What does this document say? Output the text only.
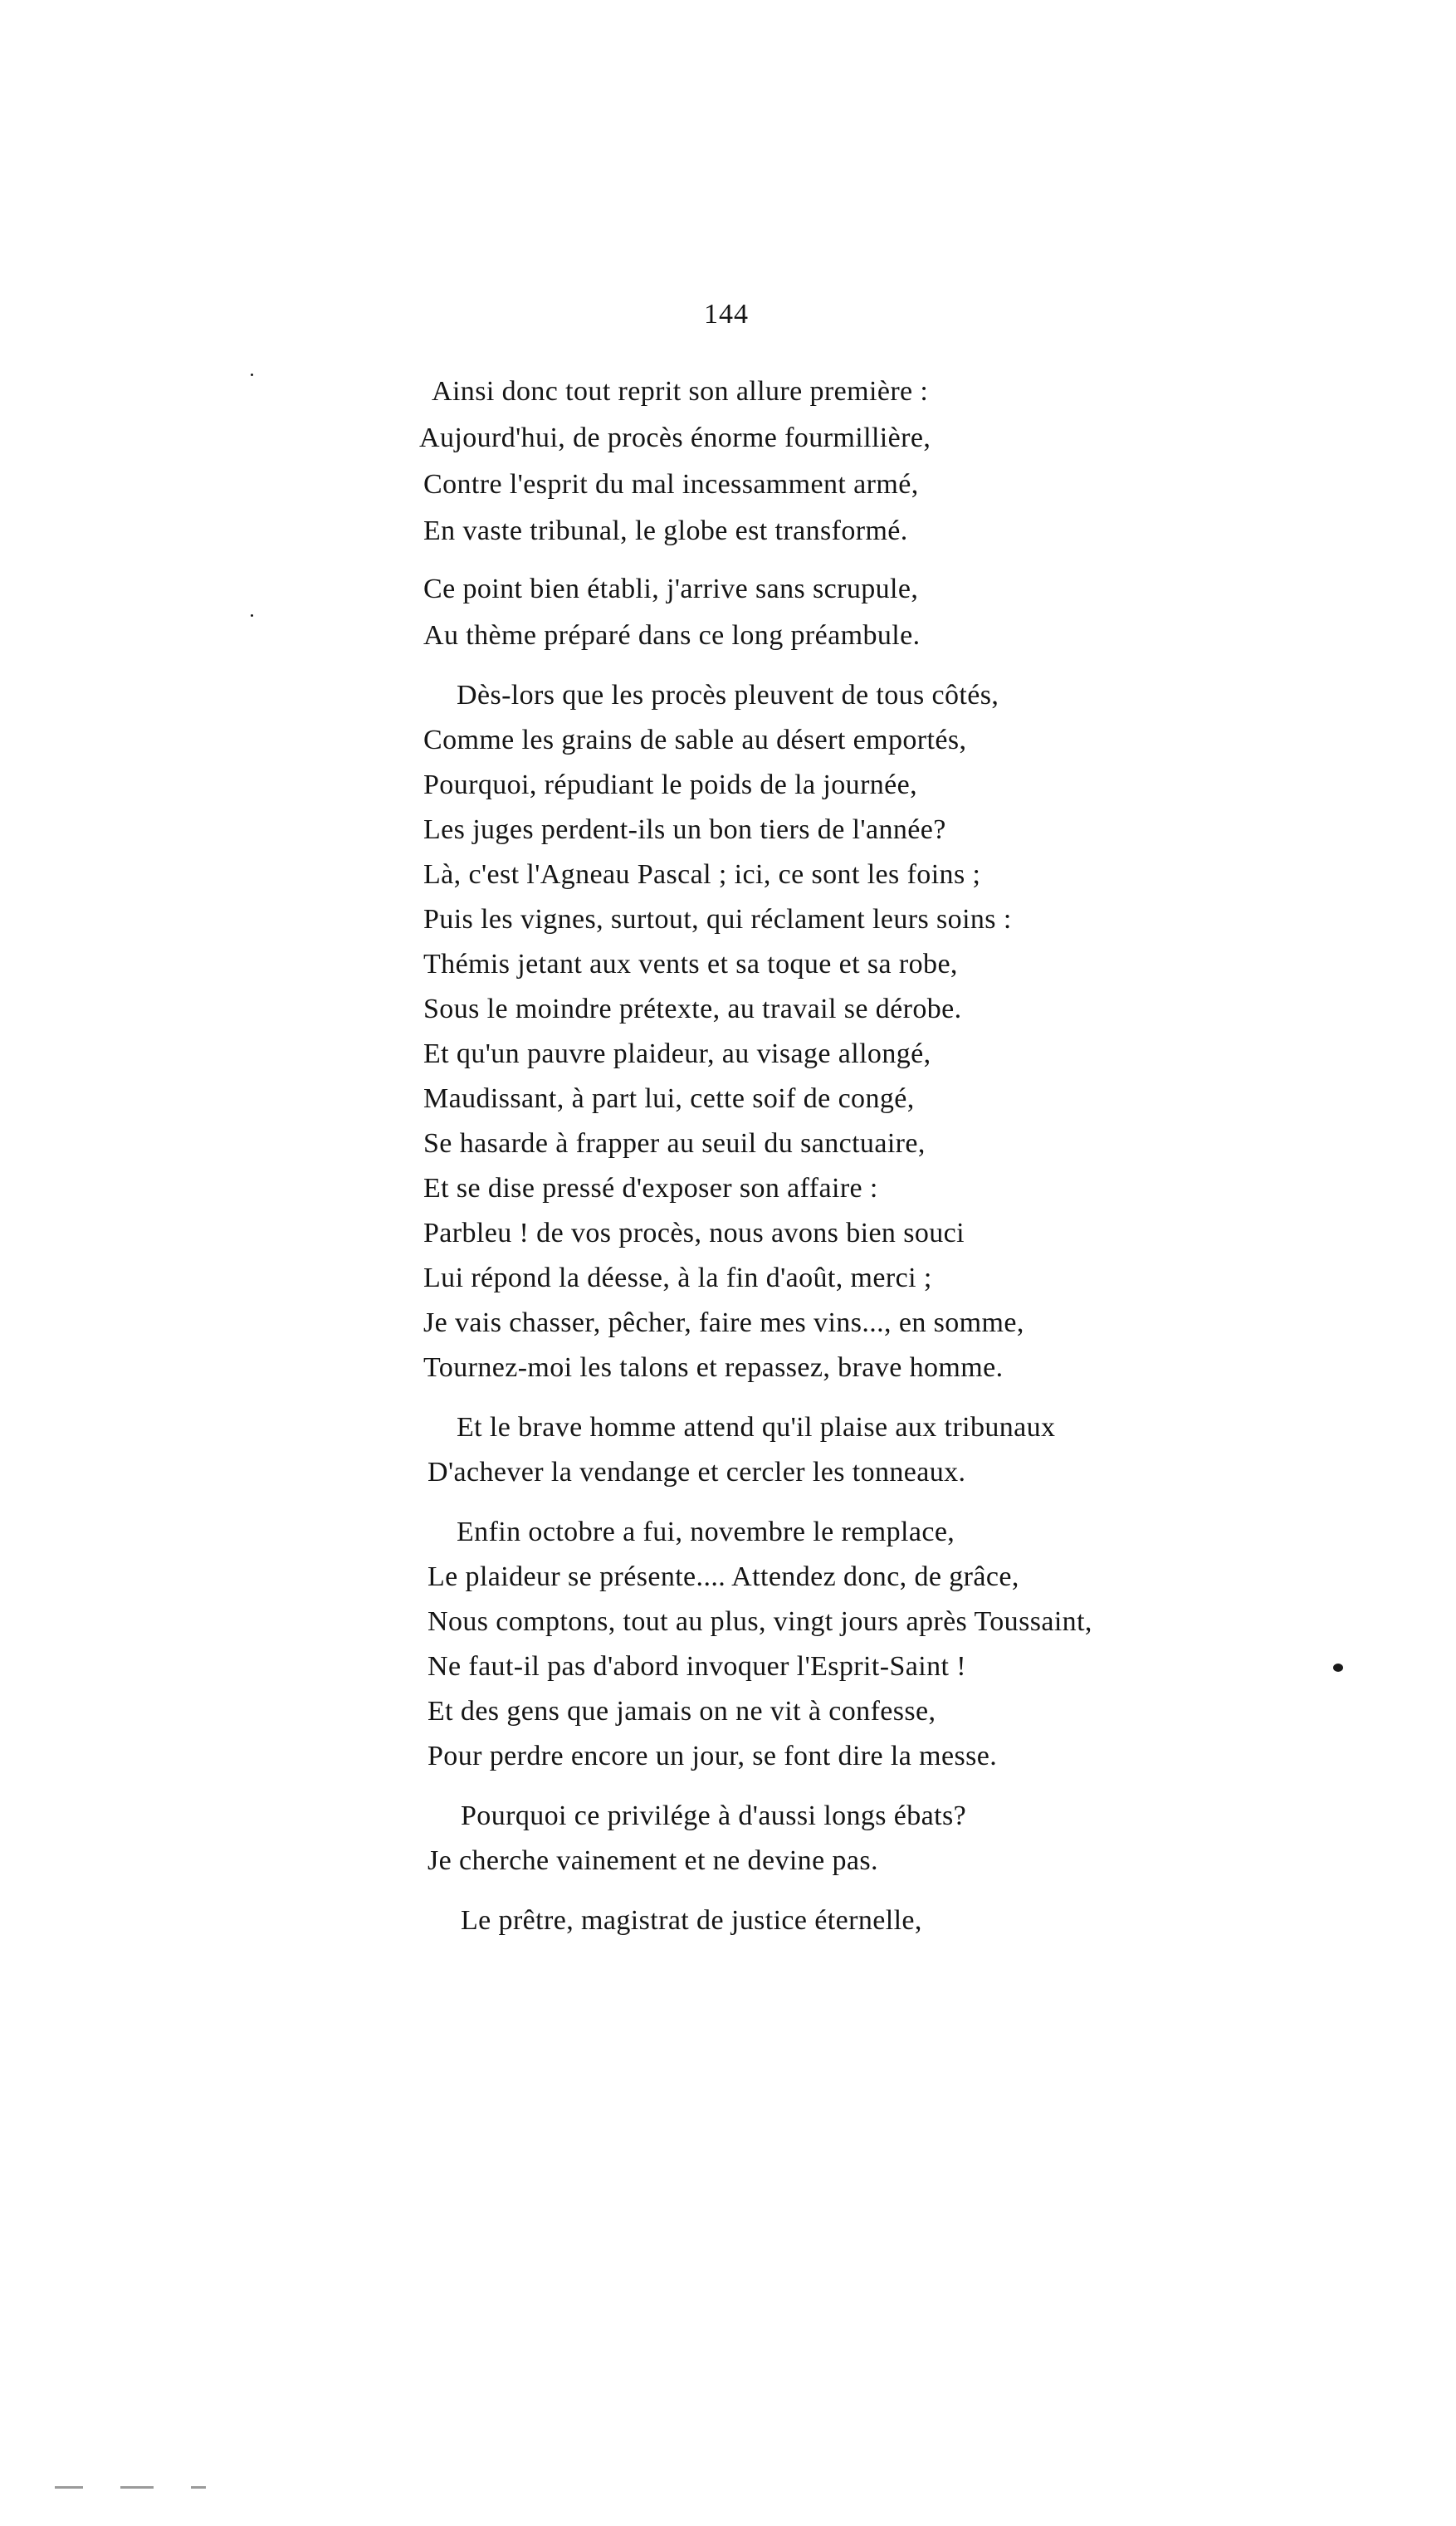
144
Ainsi donc tout reprit son allure première :
Aujourd'hui, de procès énorme fourmillière,
Contre l'esprit du mal incessamment armé,
En vaste tribunal, le globe est transformé.
Ce point bien établi, j'arrive sans scrupule,
Au thème préparé dans ce long préambule.
Dès-lors que les procès pleuvent de tous côtés,
Comme les grains de sable au désert emportés,
Pourquoi, répudiant le poids de la journée,
Les juges perdent-ils un bon tiers de l'année?
Là, c'est l'Agneau Pascal ; ici, ce sont les foins ;
Puis les vignes, surtout, qui réclament leurs soins :
Thémis jetant aux vents et sa toque et sa robe,
Sous le moindre prétexte, au travail se dérobe.
Et qu'un pauvre plaideur, au visage allongé,
Maudissant, à part lui, cette soif de congé,
Se hasarde à frapper au seuil du sanctuaire,
Et se dise pressé d'exposer son affaire :
Parbleu ! de vos procès, nous avons bien souci
Lui répond la déesse, à la fin d'août, merci ;
Je vais chasser, pêcher, faire mes vins..., en somme,
Tournez-moi les talons et repassez, brave homme.
Et le brave homme attend qu'il plaise aux tribunaux
D'achever la vendange et cercler les tonneaux.
Enfin octobre a fui, novembre le remplace,
Le plaideur se présente.... Attendez donc, de grâce,
Nous comptons, tout au plus, vingt jours après Toussaint,
Ne faut-il pas d'abord invoquer l'Esprit-Saint !
Et des gens que jamais on ne vit à confesse,
Pour perdre encore un jour, se font dire la messe.
Pourquoi ce privilége à d'aussi longs ébats?
Je cherche vainement et ne devine pas.
Le prêtre, magistrat de justice éternelle,
